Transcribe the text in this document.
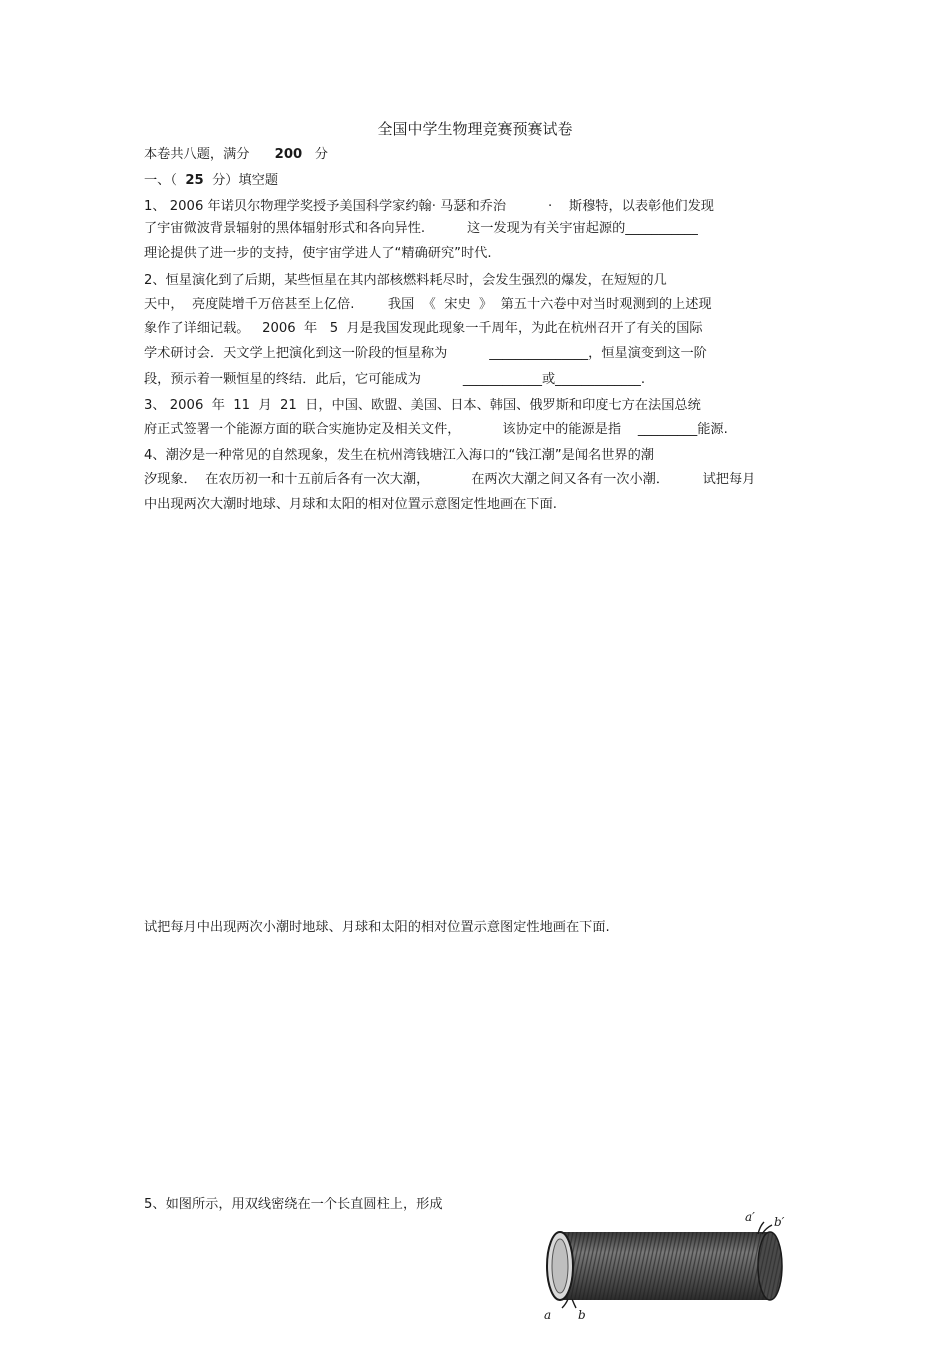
全国中学生物理竞赛预赛试卷
本卷共八题，满分 200 分
一、（ 25 分）填空题
1、 2006 年诺贝尔物理学奖授予美国科学家约翰· 马瑟和乔治          ·    斯穆特，以表彰他们发现
了宇宙微波背景辐射的黑体辐射形式和各向异性.          这一发现为有关宇宙起源的___________
理论提供了进一步的支持，使宇宙学进人了“精确研究”时代.
2、恒星演化到了后期，某些恒星在其内部核燃料耗尽时，会发生强烈的爆发，在短短的几
天中，  亮度陡增千万倍甚至上亿倍.        我国  《  宋史  》  第五十六卷中对当时观测到的上述现
象作了详细记载。   2006  年   5  月是我国发现此现象一千周年，为此在杭州召开了有关的国际
学术研讨会．天文学上把演化到这一阶段的恒星称为          _______________，恒星演变到这一阶
段，预示着一颗恒星的终结．此后，它可能成为          ____________或_____________.
3、 2006  年  11  月  21  日，中国、欧盟、美国、日本、韩国、俄罗斯和印度七方在法国总统
府正式签署一个能源方面的联合实施协定及相关文件，          该协定中的能源是指    _________能源.
4、潮汐是一种常见的自然现象，发生在杭州湾钱塘江入海口的“钱江潮”是闻名世界的潮
汐现象．  在农历初一和十五前后各有一次大潮，          在两次大潮之间又各有一次小潮．        试把每月
中出现两次大潮时地球、月球和太阳的相对位置示意图定性地画在下面.
试把每月中出现两次小潮时地球、月球和太阳的相对位置示意图定性地画在下面.
5、如图所示，用双线密绕在一个长直圆柱上，形成
a b
a′ b′
